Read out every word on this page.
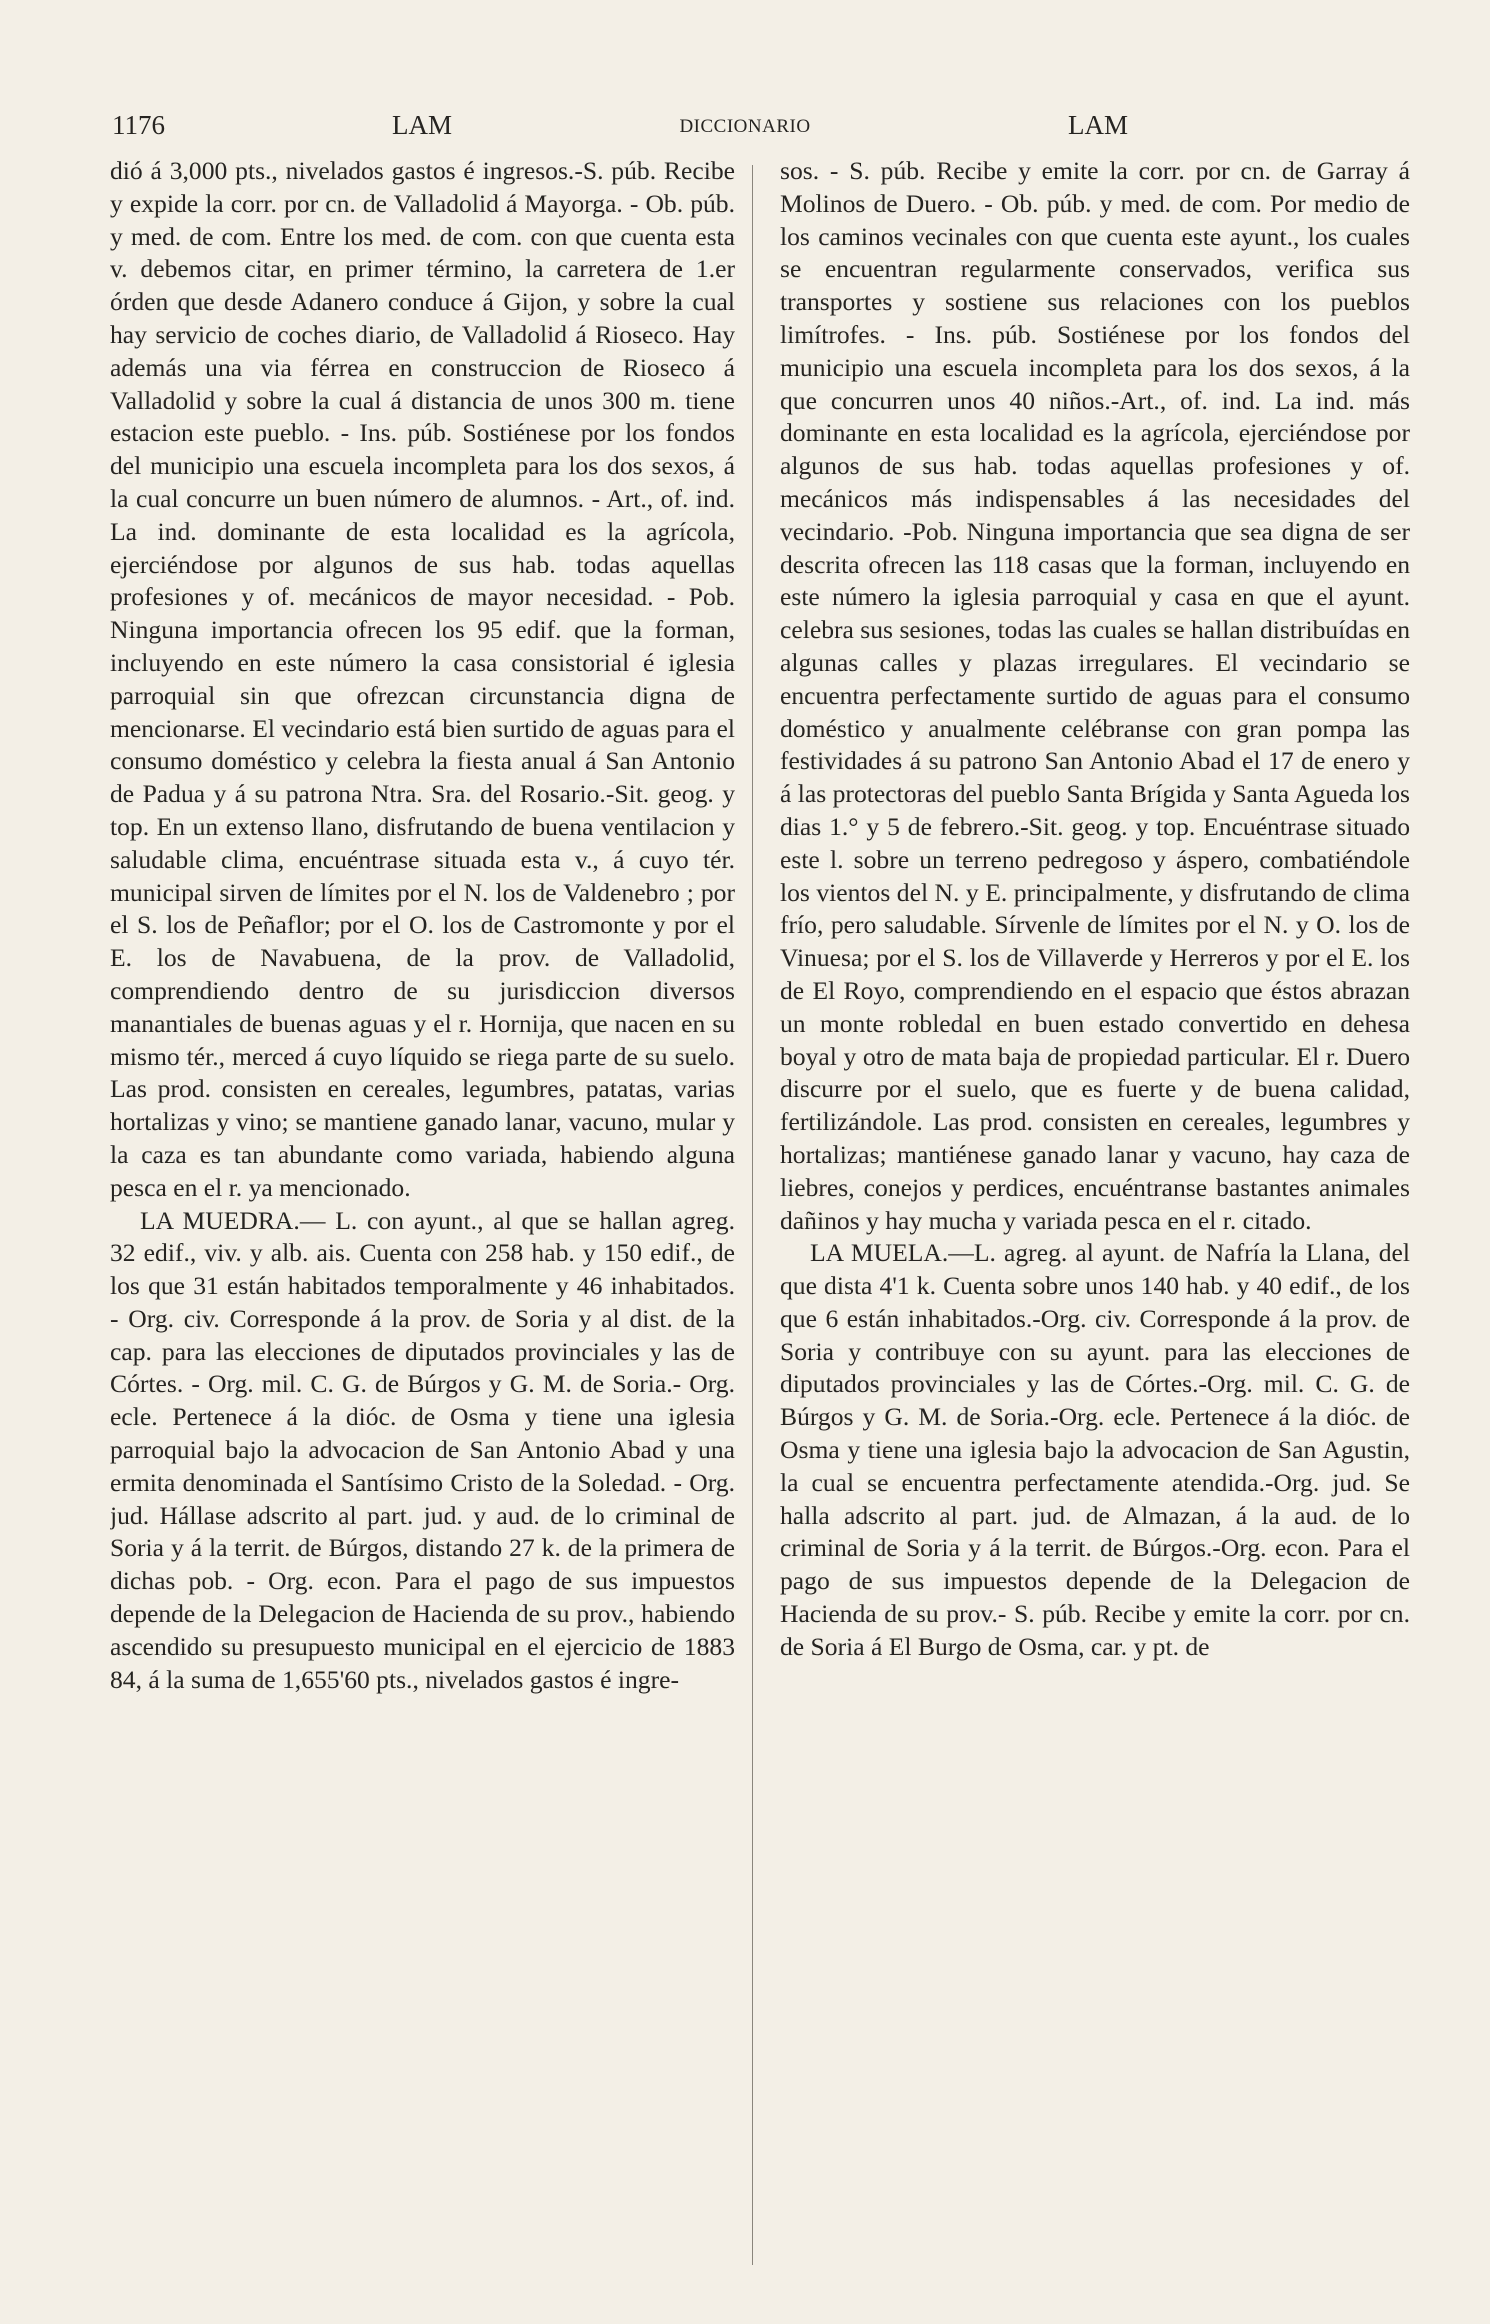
1176	LAM	DICCIONARIO	LAM

dió á 3,000 pts., nivelados gastos é ingresos.-S. púb. Recibe y expide la corr. por cn. de Valladolid á Mayorga. - Ob. púb. y med. de com. Entre los med. de com. con que cuenta esta v. debemos citar, en primer término, la carretera de 1.er órden que desde Adanero conduce á Gijon, y sobre la cual hay servicio de coches diario, de Valladolid á Rioseco. Hay además una via férrea en construccion de Rioseco á Valladolid y sobre la cual á distancia de unos 300 m. tiene estacion este pueblo. - Ins. púb. Sostiénese por los fondos del municipio una escuela incompleta para los dos sexos, á la cual concurre un buen número de alumnos. - Art., of. ind. La ind. dominante de esta localidad es la agrícola, ejerciéndose por algunos de sus hab. todas aquellas profesiones y of. mecánicos de mayor necesidad. - Pob. Ninguna importancia ofrecen los 95 edif. que la forman, incluyendo en este número la casa consistorial é iglesia parroquial sin que ofrezcan circunstancia digna de mencionarse. El vecindario está bien surtido de aguas para el consumo doméstico y celebra la fiesta anual á San Antonio de Padua y á su patrona Ntra. Sra. del Rosario.-Sit. geog. y top. En un extenso llano, disfrutando de buena ventilacion y saludable clima, encuéntrase situada esta v., á cuyo tér. municipal sirven de límites por el N. los de Valdenebro ; por el S. los de Peñaflor; por el O. los de Castromonte y por el E. los de Navabuena, de la prov. de Valladolid, comprendiendo dentro de su jurisdiccion diversos manantiales de buenas aguas y el r. Hornija, que nacen en su mismo tér., merced á cuyo líquido se riega parte de su suelo. Las prod. consisten en cereales, legumbres, patatas, varias hortalizas y vino; se mantiene ganado lanar, vacuno, mular y la caza es tan abundante como variada, habiendo alguna pesca en el r. ya mencionado.

LA MUEDRA.— L. con ayunt., al que se hallan agreg. 32 edif., viv. y alb. ais. Cuenta con 258 hab. y 150 edif., de los que 31 están habitados temporalmente y 46 inhabitados. - Org. civ. Corresponde á la prov. de Soria y al dist. de la cap. para las elecciones de diputados provinciales y las de Córtes. - Org. mil. C. G. de Búrgos y G. M. de Soria.- Org. ecle. Pertenece á la dióc. de Osma y tiene una iglesia parroquial bajo la advocacion de San Antonio Abad y una ermita denominada el Santísimo Cristo de la Soledad. - Org. jud. Hállase adscrito al part. jud. y aud. de lo criminal de Soria y á la territ. de Búrgos, distando 27 k. de la primera de dichas pob. - Org. econ. Para el pago de sus impuestos depende de la Delegacion de Hacienda de su prov., habiendo ascendido su presupuesto municipal en el ejercicio de 1883 84, á la suma de 1,655'60 pts., nivelados gastos é ingre-

sos. - S. púb. Recibe y emite la corr. por cn. de Garray á Molinos de Duero. - Ob. púb. y med. de com. Por medio de los caminos vecinales con que cuenta este ayunt., los cuales se encuentran regularmente conservados, verifica sus transportes y sostiene sus relaciones con los pueblos limítrofes. - Ins. púb. Sostiénese por los fondos del municipio una escuela incompleta para los dos sexos, á la que concurren unos 40 niños.-Art., of. ind. La ind. más dominante en esta localidad es la agrícola, ejerciéndose por algunos de sus hab. todas aquellas profesiones y of. mecánicos más indispensables á las necesidades del vecindario. -Pob. Ninguna importancia que sea digna de ser descrita ofrecen las 118 casas que la forman, incluyendo en este número la iglesia parroquial y casa en que el ayunt. celebra sus sesiones, todas las cuales se hallan distribuídas en algunas calles y plazas irregulares. El vecindario se encuentra perfectamente surtido de aguas para el consumo doméstico y anualmente celébranse con gran pompa las festividades á su patrono San Antonio Abad el 17 de enero y á las protectoras del pueblo Santa Brígida y Santa Agueda los dias 1.° y 5 de febrero.-Sit. geog. y top. Encuéntrase situado este l. sobre un terreno pedregoso y áspero, combatiéndole los vientos del N. y E. principalmente, y disfrutando de clima frío, pero saludable. Sírvenle de límites por el N. y O. los de Vinuesa; por el S. los de Villaverde y Herreros y por el E. los de El Royo, comprendiendo en el espacio que éstos abrazan un monte robledal en buen estado convertido en dehesa boyal y otro de mata baja de propiedad particular. El r. Duero discurre por el suelo, que es fuerte y de buena calidad, fertilizándole. Las prod. consisten en cereales, legumbres y hortalizas; mantiénese ganado lanar y vacuno, hay caza de liebres, conejos y perdices, encuéntranse bastantes animales dañinos y hay mucha y variada pesca en el r. citado.

LA MUELA.—L. agreg. al ayunt. de Nafría la Llana, del que dista 4'1 k. Cuenta sobre unos 140 hab. y 40 edif., de los que 6 están inhabitados.-Org. civ. Corresponde á la prov. de Soria y contribuye con su ayunt. para las elecciones de diputados provinciales y las de Córtes.-Org. mil. C. G. de Búrgos y G. M. de Soria.-Org. ecle. Pertenece á la dióc. de Osma y tiene una iglesia bajo la advocacion de San Agustin, la cual se encuentra perfectamente atendida.-Org. jud. Se halla adscrito al part. jud. de Almazan, á la aud. de lo criminal de Soria y á la territ. de Búrgos.-Org. econ. Para el pago de sus impuestos depende de la Delegacion de Hacienda de su prov.- S. púb. Recibe y emite la corr. por cn. de Soria á El Burgo de Osma, car. y pt. de
